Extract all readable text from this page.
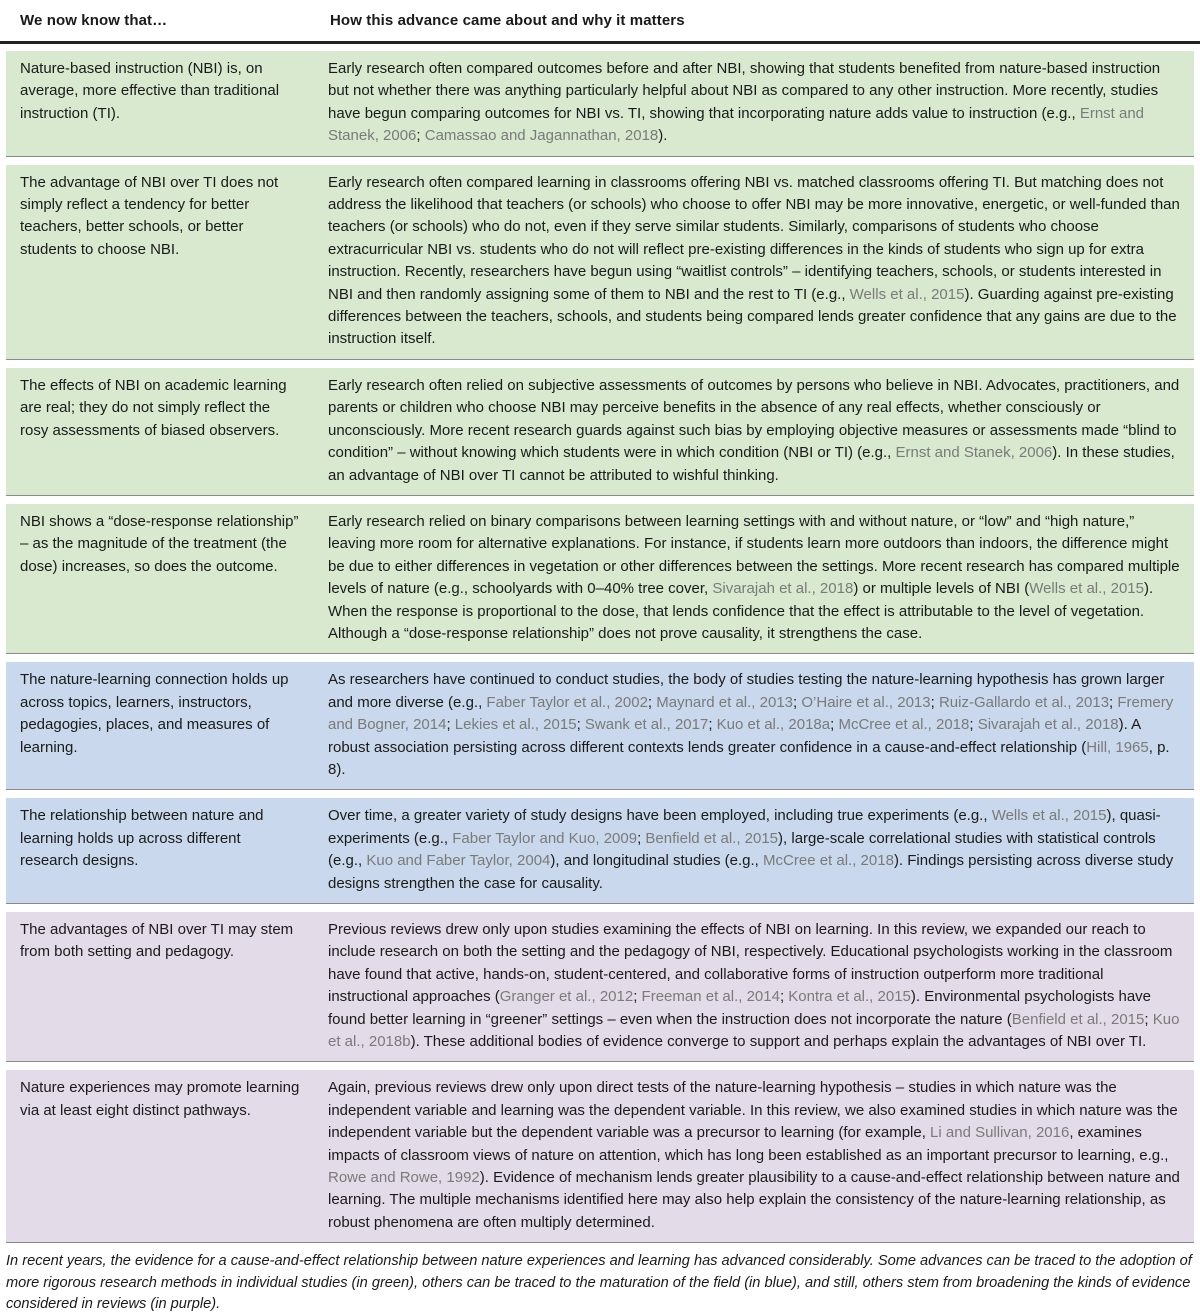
We now know that…	How this advance came about and why it matters
Nature-based instruction (NBI) is, on average, more effective than traditional instruction (TI).
Early research often compared outcomes before and after NBI, showing that students benefited from nature-based instruction but not whether there was anything particularly helpful about NBI as compared to any other instruction. More recently, studies have begun comparing outcomes for NBI vs. TI, showing that incorporating nature adds value to instruction (e.g., Ernst and Stanek, 2006; Camassao and Jagannathan, 2018).
The advantage of NBI over TI does not simply reflect a tendency for better teachers, better schools, or better students to choose NBI.
Early research often compared learning in classrooms offering NBI vs. matched classrooms offering TI. But matching does not address the likelihood that teachers (or schools) who choose to offer NBI may be more innovative, energetic, or well-funded than teachers (or schools) who do not, even if they serve similar students. Similarly, comparisons of students who choose extracurricular NBI vs. students who do not will reflect pre-existing differences in the kinds of students who sign up for extra instruction. Recently, researchers have begun using “waitlist controls” – identifying teachers, schools, or students interested in NBI and then randomly assigning some of them to NBI and the rest to TI (e.g., Wells et al., 2015). Guarding against pre-existing differences between the teachers, schools, and students being compared lends greater confidence that any gains are due to the instruction itself.
The effects of NBI on academic learning are real; they do not simply reflect the rosy assessments of biased observers.
Early research often relied on subjective assessments of outcomes by persons who believe in NBI. Advocates, practitioners, and parents or children who choose NBI may perceive benefits in the absence of any real effects, whether consciously or unconsciously. More recent research guards against such bias by employing objective measures or assessments made “blind to condition” – without knowing which students were in which condition (NBI or TI) (e.g., Ernst and Stanek, 2006). In these studies, an advantage of NBI over TI cannot be attributed to wishful thinking.
NBI shows a “dose-response relationship” – as the magnitude of the treatment (the dose) increases, so does the outcome.
Early research relied on binary comparisons between learning settings with and without nature, or “low” and “high nature,” leaving more room for alternative explanations. For instance, if students learn more outdoors than indoors, the difference might be due to either differences in vegetation or other differences between the settings. More recent research has compared multiple levels of nature (e.g., schoolyards with 0–40% tree cover, Sivarajah et al., 2018) or multiple levels of NBI (Wells et al., 2015). When the response is proportional to the dose, that lends confidence that the effect is attributable to the level of vegetation. Although a “dose-response relationship” does not prove causality, it strengthens the case.
The nature-learning connection holds up across topics, learners, instructors, pedagogies, places, and measures of learning.
As researchers have continued to conduct studies, the body of studies testing the nature-learning hypothesis has grown larger and more diverse (e.g., Faber Taylor et al., 2002; Maynard et al., 2013; O’Haire et al., 2013; Ruiz-Gallardo et al., 2013; Fremery and Bogner, 2014; Lekies et al., 2015; Swank et al., 2017; Kuo et al., 2018a; McCree et al., 2018; Sivarajah et al., 2018). A robust association persisting across different contexts lends greater confidence in a cause-and-effect relationship (Hill, 1965, p. 8).
The relationship between nature and learning holds up across different research designs.
Over time, a greater variety of study designs have been employed, including true experiments (e.g., Wells et al., 2015), quasi-experiments (e.g., Faber Taylor and Kuo, 2009; Benfield et al., 2015), large-scale correlational studies with statistical controls (e.g., Kuo and Faber Taylor, 2004), and longitudinal studies (e.g., McCree et al., 2018). Findings persisting across diverse study designs strengthen the case for causality.
The advantages of NBI over TI may stem from both setting and pedagogy.
Previous reviews drew only upon studies examining the effects of NBI on learning. In this review, we expanded our reach to include research on both the setting and the pedagogy of NBI, respectively. Educational psychologists working in the classroom have found that active, hands-on, student-centered, and collaborative forms of instruction outperform more traditional instructional approaches (Granger et al., 2012; Freeman et al., 2014; Kontra et al., 2015). Environmental psychologists have found better learning in “greener” settings – even when the instruction does not incorporate the nature (Benfield et al., 2015; Kuo et al., 2018b). These additional bodies of evidence converge to support and perhaps explain the advantages of NBI over TI.
Nature experiences may promote learning via at least eight distinct pathways.
Again, previous reviews drew only upon direct tests of the nature-learning hypothesis – studies in which nature was the independent variable and learning was the dependent variable. In this review, we also examined studies in which nature was the independent variable but the dependent variable was a precursor to learning (for example, Li and Sullivan, 2016, examines impacts of classroom views of nature on attention, which has long been established as an important precursor to learning, e.g., Rowe and Rowe, 1992). Evidence of mechanism lends greater plausibility to a cause-and-effect relationship between nature and learning. The multiple mechanisms identified here may also help explain the consistency of the nature-learning relationship, as robust phenomena are often multiply determined.
In recent years, the evidence for a cause-and-effect relationship between nature experiences and learning has advanced considerably. Some advances can be traced to the adoption of more rigorous research methods in individual studies (in green), others can be traced to the maturation of the field (in blue), and still, others stem from broadening the kinds of evidence considered in reviews (in purple).
